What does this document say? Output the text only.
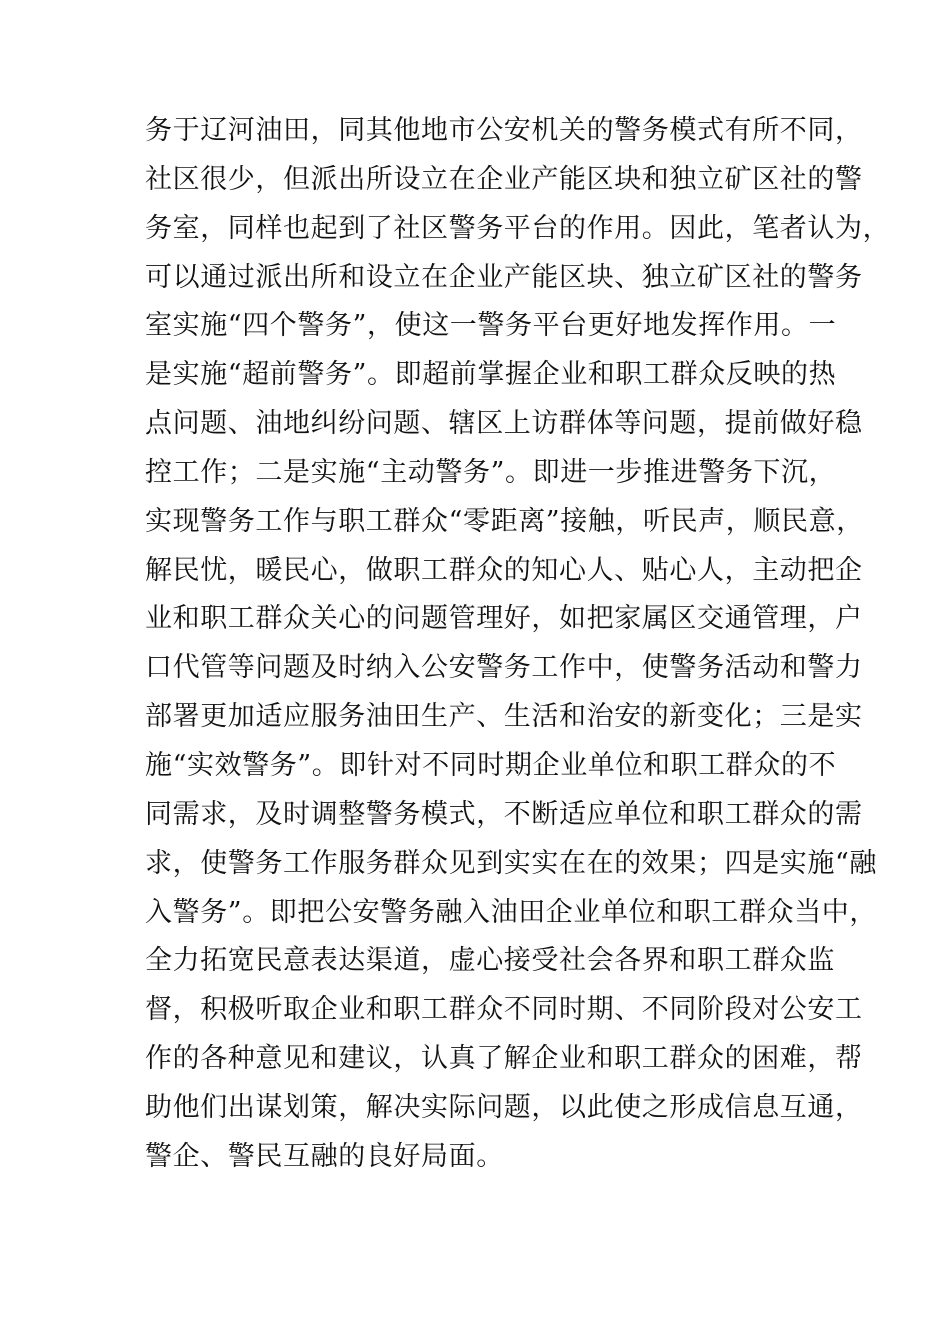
务于辽河油田，同其他地市公安机关的警务模式有所不同，
社区很少，但派出所设立在企业产能区块和独立矿区社的警
务室，同样也起到了社区警务平台的作用。因此，笔者认为，
可以通过派出所和设立在企业产能区块、独立矿区社的警务
室实施“四个警务”，使这一警务平台更好地发挥作用。一
是实施“超前警务”。即超前掌握企业和职工群众反映的热
点问题、油地纠纷问题、辖区上访群体等问题，提前做好稳
控工作；二是实施“主动警务”。即进一步推进警务下沉，
实现警务工作与职工群众“零距离”接触，听民声，顺民意，
解民忧，暖民心，做职工群众的知心人、贴心人，主动把企
业和职工群众关心的问题管理好，如把家属区交通管理，户
口代管等问题及时纳入公安警务工作中，使警务活动和警力
部署更加适应服务油田生产、生活和治安的新变化；三是实
施“实效警务”。即针对不同时期企业单位和职工群众的不
同需求，及时调整警务模式，不断适应单位和职工群众的需
求，使警务工作服务群众见到实实在在的效果；四是实施“融
入警务”。即把公安警务融入油田企业单位和职工群众当中，
全力拓宽民意表达渠道，虚心接受社会各界和职工群众监
督，积极听取企业和职工群众不同时期、不同阶段对公安工
作的各种意见和建议，认真了解企业和职工群众的困难，帮
助他们出谋划策，解决实际问题，以此使之形成信息互通，
警企、警民互融的良好局面。
